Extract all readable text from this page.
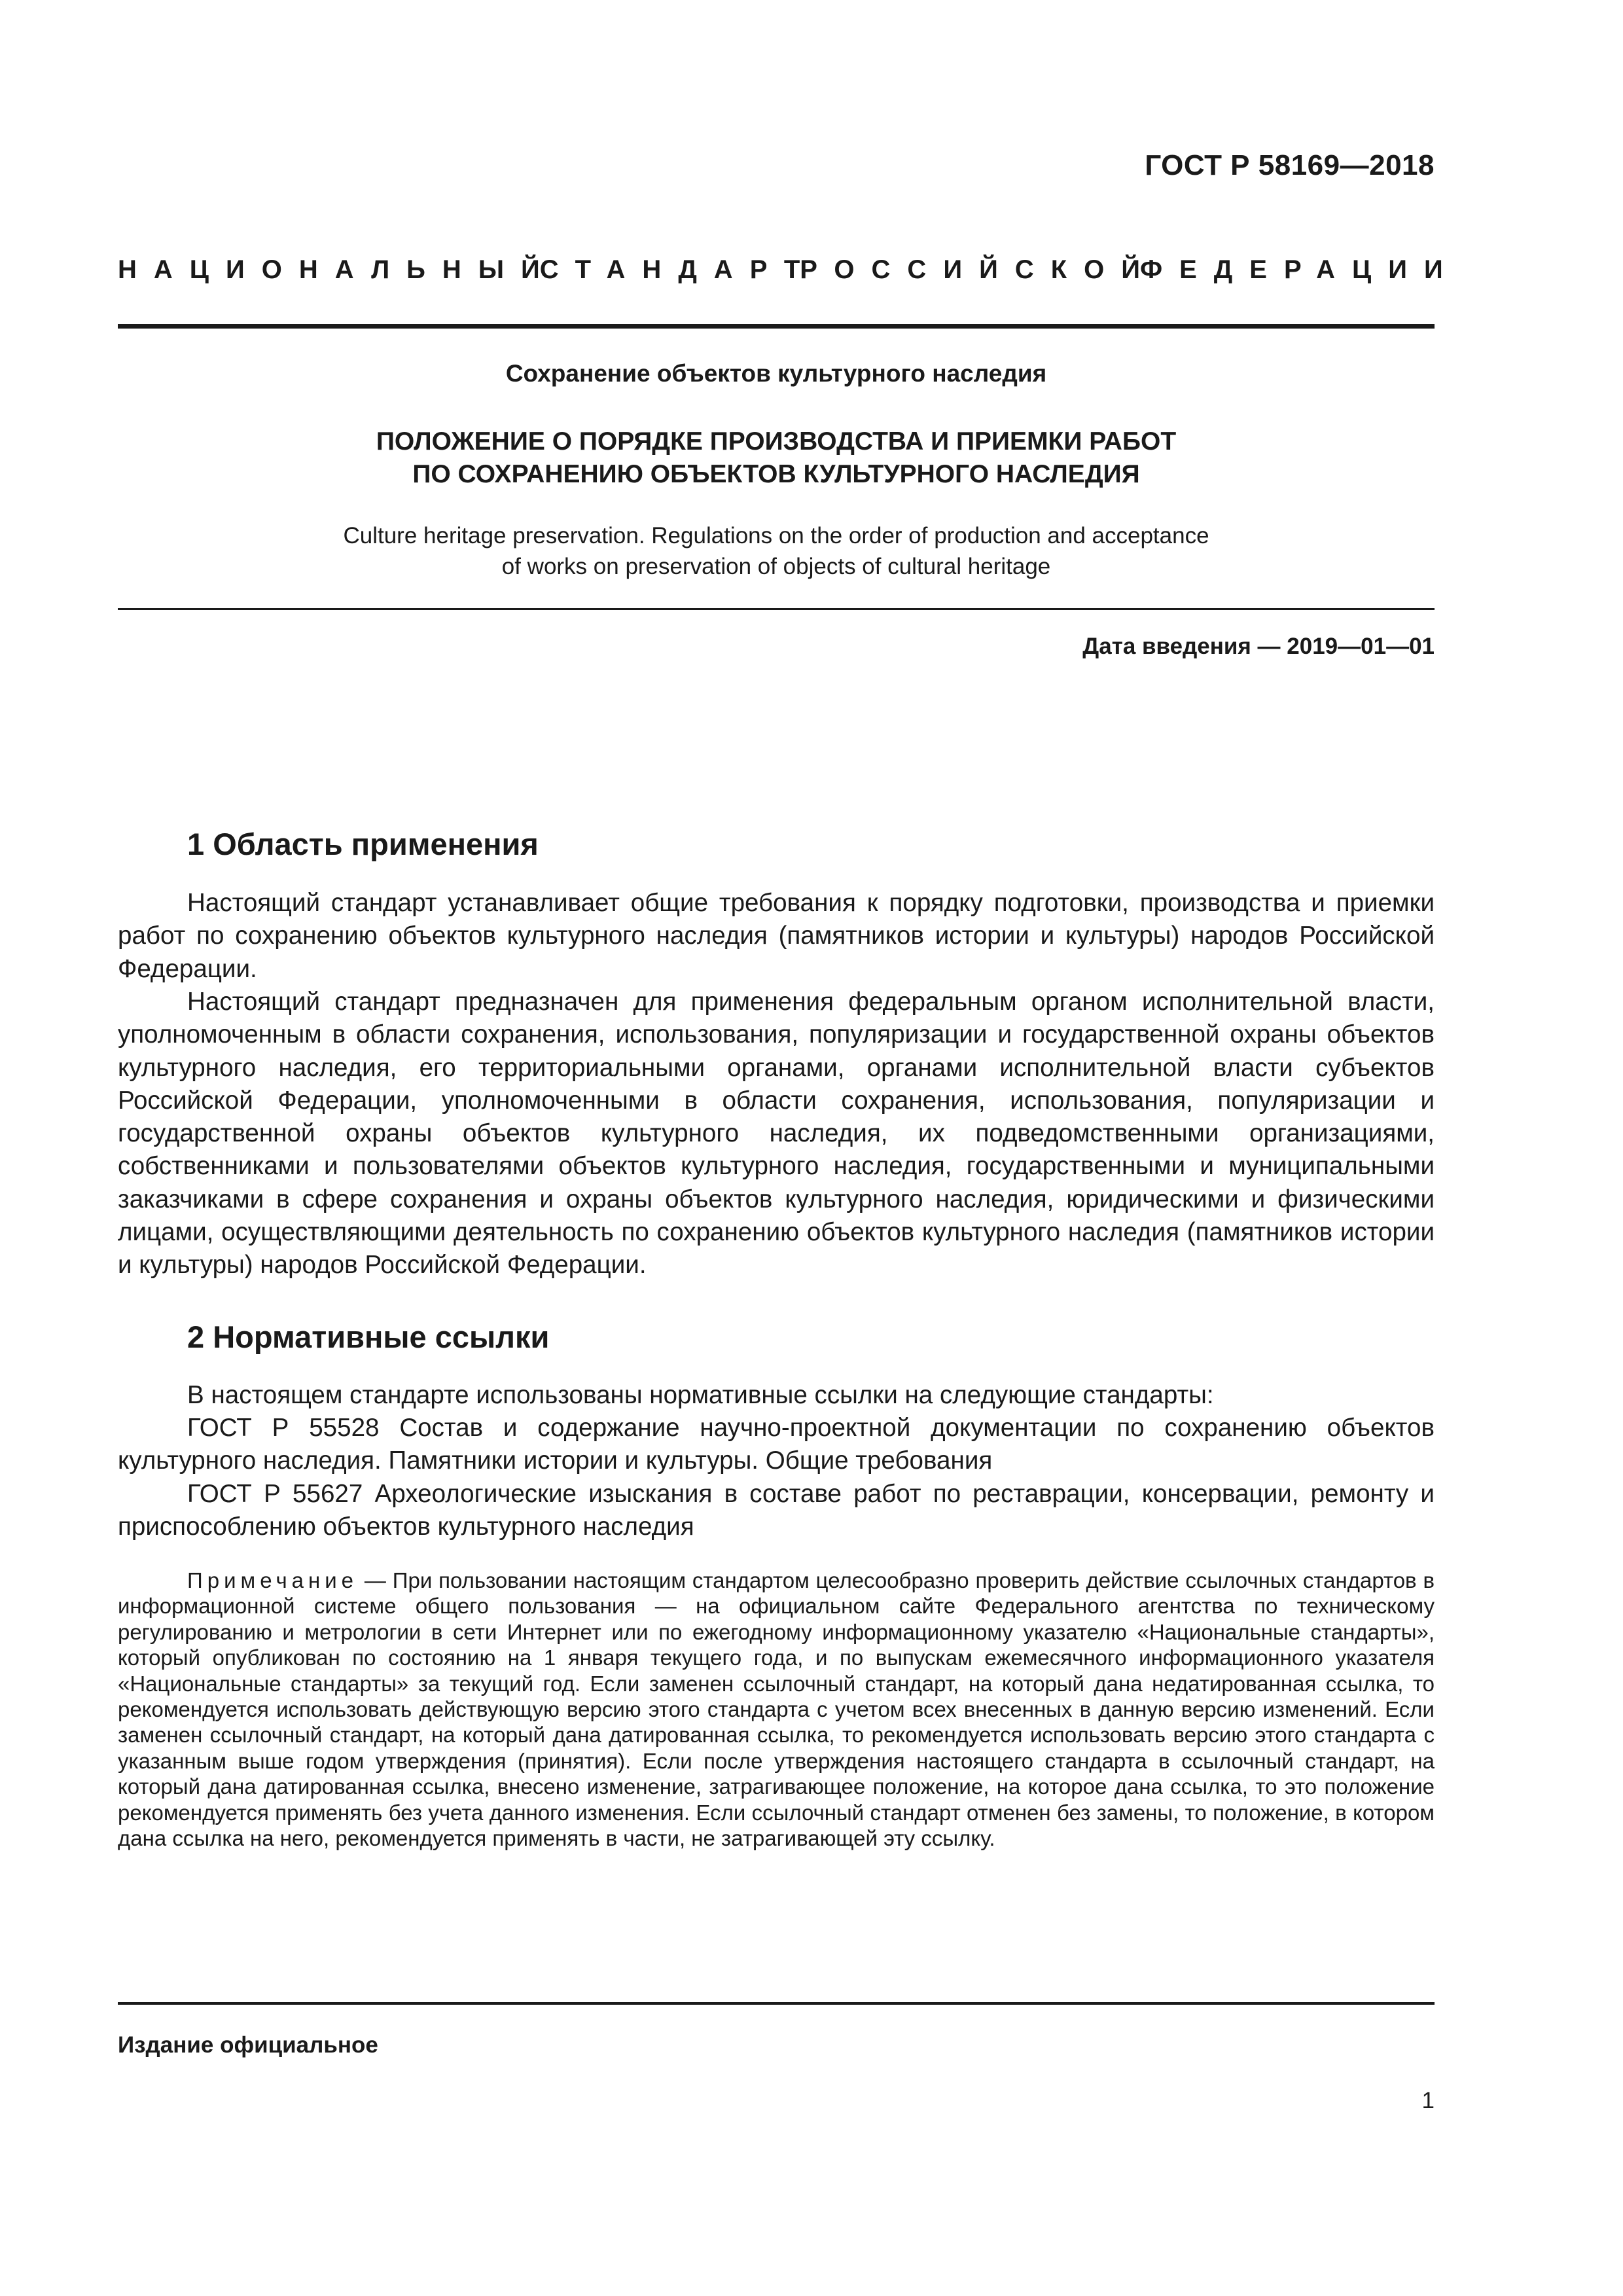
ГОСТ Р 58169—2018
НАЦИОНАЛЬНЫЙ
СТАНДАРТ
РОССИЙСКОЙ
ФЕДЕРАЦИИ
Сохранение объектов культурного наследия
ПОЛОЖЕНИЕ О ПОРЯДКЕ ПРОИЗВОДСТВА И ПРИЕМКИ РАБОТ
ПО СОХРАНЕНИЮ ОБЪЕКТОВ КУЛЬТУРНОГО НАСЛЕДИЯ
Culture heritage preservation. Regulations on the order of production and acceptance
of works on preservation of objects of cultural heritage
Дата введения — 2019—01—01
1 Область применения
Настоящий стандарт устанавливает общие требования к порядку подготовки, производства и приемки работ по сохранению объектов культурного наследия (памятников истории и культуры) народов Российской Федерации.
Настоящий стандарт предназначен для применения федеральным органом исполнительной власти, уполномоченным в области сохранения, использования, популяризации и государственной охраны объектов культурного наследия, его территориальными органами, органами исполнительной власти субъектов Российской Федерации, уполномоченными в области сохранения, использования, популяризации и государственной охраны объектов культурного наследия, их подведомственными организациями, собственниками и пользователями объектов культурного наследия, государственными и муниципальными заказчиками в сфере сохранения и охраны объектов культурного наследия, юридическими и физическими лицами, осуществляющими деятельность по сохранению объектов культурного наследия (памятников истории и культуры) народов Российской Федерации.
2 Нормативные ссылки
В настоящем стандарте использованы нормативные ссылки на следующие стандарты:
ГОСТ Р 55528 Состав и содержание научно-проектной документации по сохранению объектов культурного наследия. Памятники истории и культуры. Общие требования
ГОСТ Р 55627 Археологические изыскания в составе работ по реставрации, консервации, ремонту и приспособлению объектов культурного наследия
Примечание — При пользовании настоящим стандартом целесообразно проверить действие ссылочных стандартов в информационной системе общего пользования — на официальном сайте Федерального агентства по техническому регулированию и метрологии в сети Интернет или по ежегодному информационному указателю «Национальные стандарты», который опубликован по состоянию на 1 января текущего года, и по выпускам ежемесячного информационного указателя «Национальные стандарты» за текущий год. Если заменен ссылочный стандарт, на который дана недатированная ссылка, то рекомендуется использовать действующую версию этого стандарта с учетом всех внесенных в данную версию изменений. Если заменен ссылочный стандарт, на который дана датированная ссылка, то рекомендуется использовать версию этого стандарта с указанным выше годом утверждения (принятия). Если после утверждения настоящего стандарта в ссылочный стандарт, на который дана датированная ссылка, внесено изменение, затрагивающее положение, на которое дана ссылка, то это положение рекомендуется применять без учета данного изменения. Если ссылочный стандарт отменен без замены, то положение, в котором дана ссылка на него, рекомендуется применять в части, не затрагивающей эту ссылку.
Издание официальное
1
